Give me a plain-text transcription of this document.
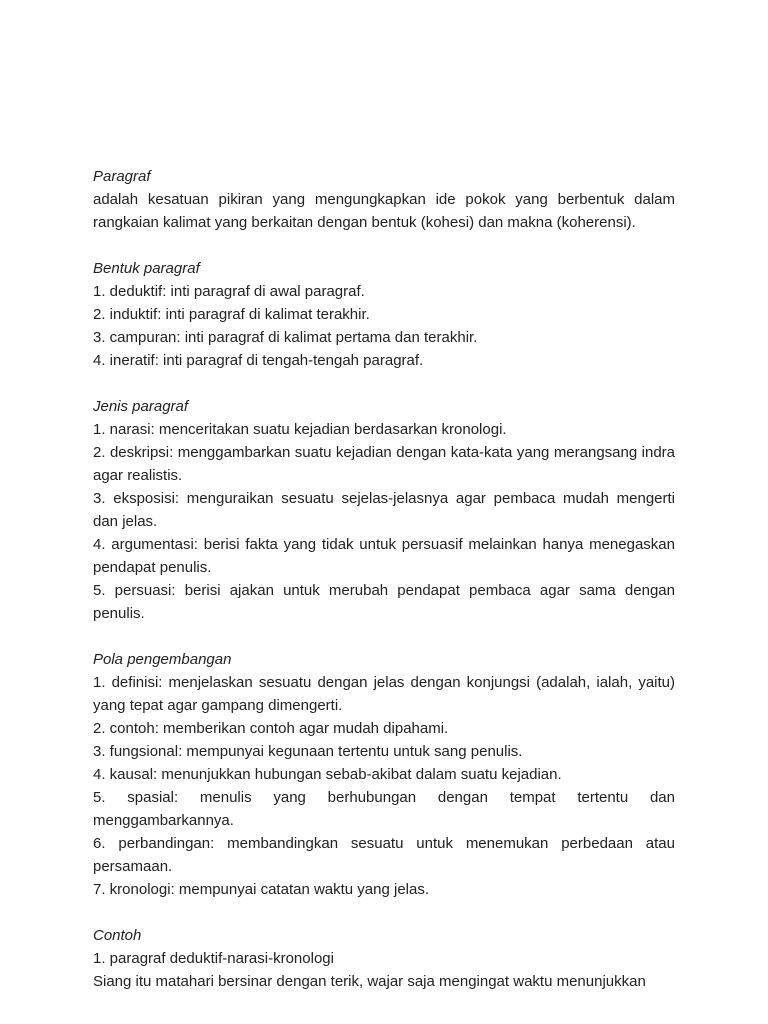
Paragraf

adalah kesatuan pikiran yang mengungkapkan ide pokok yang berbentuk dalam rangkaian kalimat yang berkaitan dengan bentuk (kohesi) dan makna (koherensi).

Bentuk paragraf

1. deduktif: inti paragraf di awal paragraf.

2. induktif: inti paragraf di kalimat terakhir.

3. campuran: inti paragraf di kalimat pertama dan terakhir.

4. ineratif: inti paragraf di tengah-tengah paragraf.

Jenis paragraf

1. narasi: menceritakan suatu kejadian berdasarkan kronologi.

2. deskripsi: menggambarkan suatu kejadian dengan kata-kata yang merangsang indra agar realistis.

3. eksposisi: menguraikan sesuatu sejelas-jelasnya agar pembaca mudah mengerti dan jelas.

4. argumentasi: berisi fakta yang tidak untuk persuasif melainkan hanya menegaskan pendapat penulis.

5. persuasi: berisi ajakan untuk merubah pendapat pembaca agar sama dengan penulis.

Pola pengembangan

1. definisi: menjelaskan sesuatu dengan jelas dengan konjungsi (adalah, ialah, yaitu) yang tepat agar gampang dimengerti.

2. contoh: memberikan contoh agar mudah dipahami.

3. fungsional: mempunyai kegunaan tertentu untuk sang penulis.

4. kausal: menunjukkan hubungan sebab-akibat dalam suatu kejadian.

5. spasial: menulis yang berhubungan dengan tempat tertentu dan menggambarkannya.

6. perbandingan: membandingkan sesuatu untuk menemukan perbedaan atau persamaan.

7. kronologi: mempunyai catatan waktu yang jelas.

Contoh

1. paragraf deduktif-narasi-kronologi

Siang itu matahari bersinar dengan terik, wajar saja mengingat waktu menunjukkan
